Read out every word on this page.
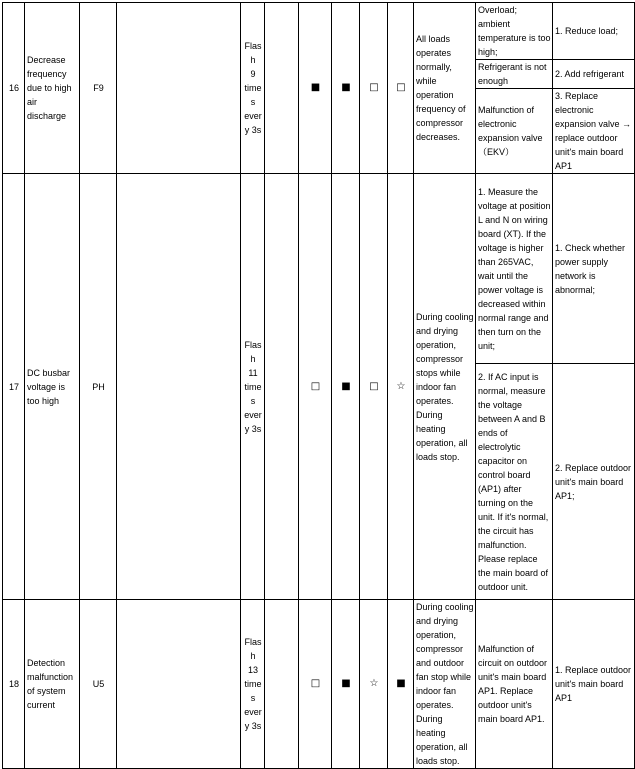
16	Decrease frequency due to high air discharge	F9		Flash
9 times
every 3s		■	■	□	□	All loads operates normally, while operation frequency of compressor decreases.	Overload; ambient temperature is too high;	1. Reduce load;
											Refrigerant is not enough	2. Add refrigerant
											Malfunction of electronic expansion valve （EKV）	3. Replace electronic expansion valve → replace outdoor unit's main board AP1
17	DC busbar voltage is too high	PH		Flash
11 times
every 3s		□	■	□	☆	During cooling and drying operation, compressor stops while indoor fan operates. During heating operation, all loads stop.	1. Measure the voltage at position L and N on wiring board (XT). If the voltage is higher than 265VAC, wait until the power voltage is decreased within normal range and then turn on the unit;	1. Check whether power supply network is abnormal;
											2. If AC input is normal, measure the voltage between A and B ends of electrolytic capacitor on control board (AP1) after turning on the unit. If it's normal, the circuit has malfunction. Please replace the main board of outdoor unit.	2. Replace outdoor unit's main board AP1;
18	Detection malfunction of system current	U5		Flash
13 times
every 3s		□	■	☆	■	During cooling and drying operation, compressor and outdoor fan stop while indoor fan operates. During heating operation, all loads stop.	Malfunction of circuit on outdoor unit's main board AP1. Replace outdoor unit's main board AP1.	1. Replace outdoor unit's main board AP1
